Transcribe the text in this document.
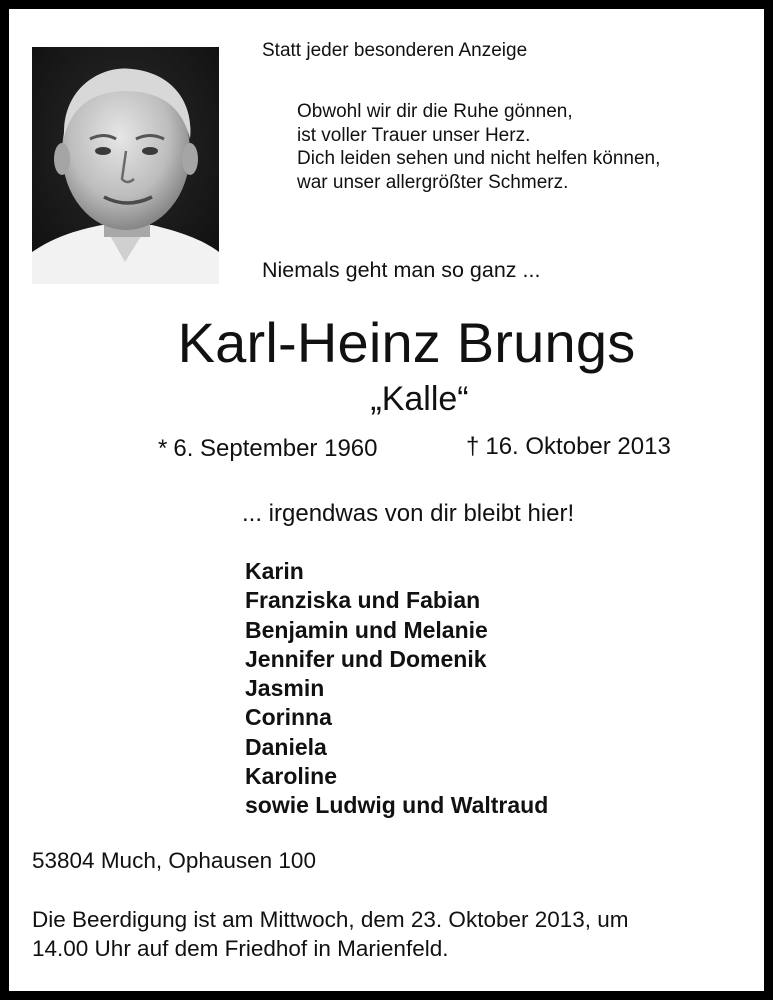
Statt jeder besonderen Anzeige
Obwohl wir dir die Ruhe gönnen,
ist voller Trauer unser Herz.
Dich leiden sehen und nicht helfen können,
war unser allergrößter Schmerz.
Niemals geht man so ganz ...
Karl-Heinz Brungs
„Kalle“
* 6. September 1960	† 16. Oktober 2013
... irgendwas von dir bleibt hier!
Karin
Franziska und Fabian
Benjamin und Melanie
Jennifer und Domenik
Jasmin
Corinna
Daniela
Karoline
sowie Ludwig und Waltraud
53804 Much, Ophausen 100
Die Beerdigung ist am Mittwoch, dem 23. Oktober 2013, um
14.00 Uhr auf dem Friedhof in Marienfeld.
